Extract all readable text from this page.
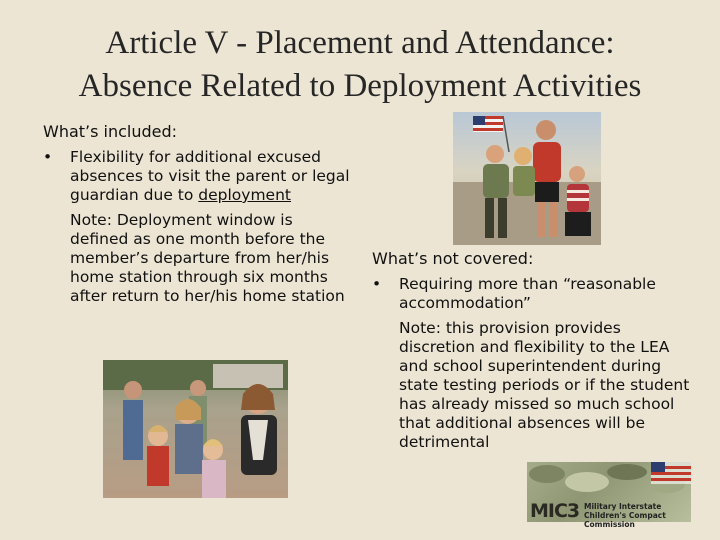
Article V - Placement and Attendance:
Absence Related to Deployment Activities
What’s included:
• Flexibility for additional excused absences to visit the parent or legal guardian due to deployment
Note: Deployment window is defined as one month before the member’s departure from her/his home station through six months after return to her/his home station
What’s not covered:
• Requiring more than “reasonable accommodation”
Note: this provision provides discretion and flexibility to the LEA and school superintendent during state testing periods or if the student has already missed so much school that additional absences will be detrimental
MIC3 Military Interstate
Children's Compact Commission
